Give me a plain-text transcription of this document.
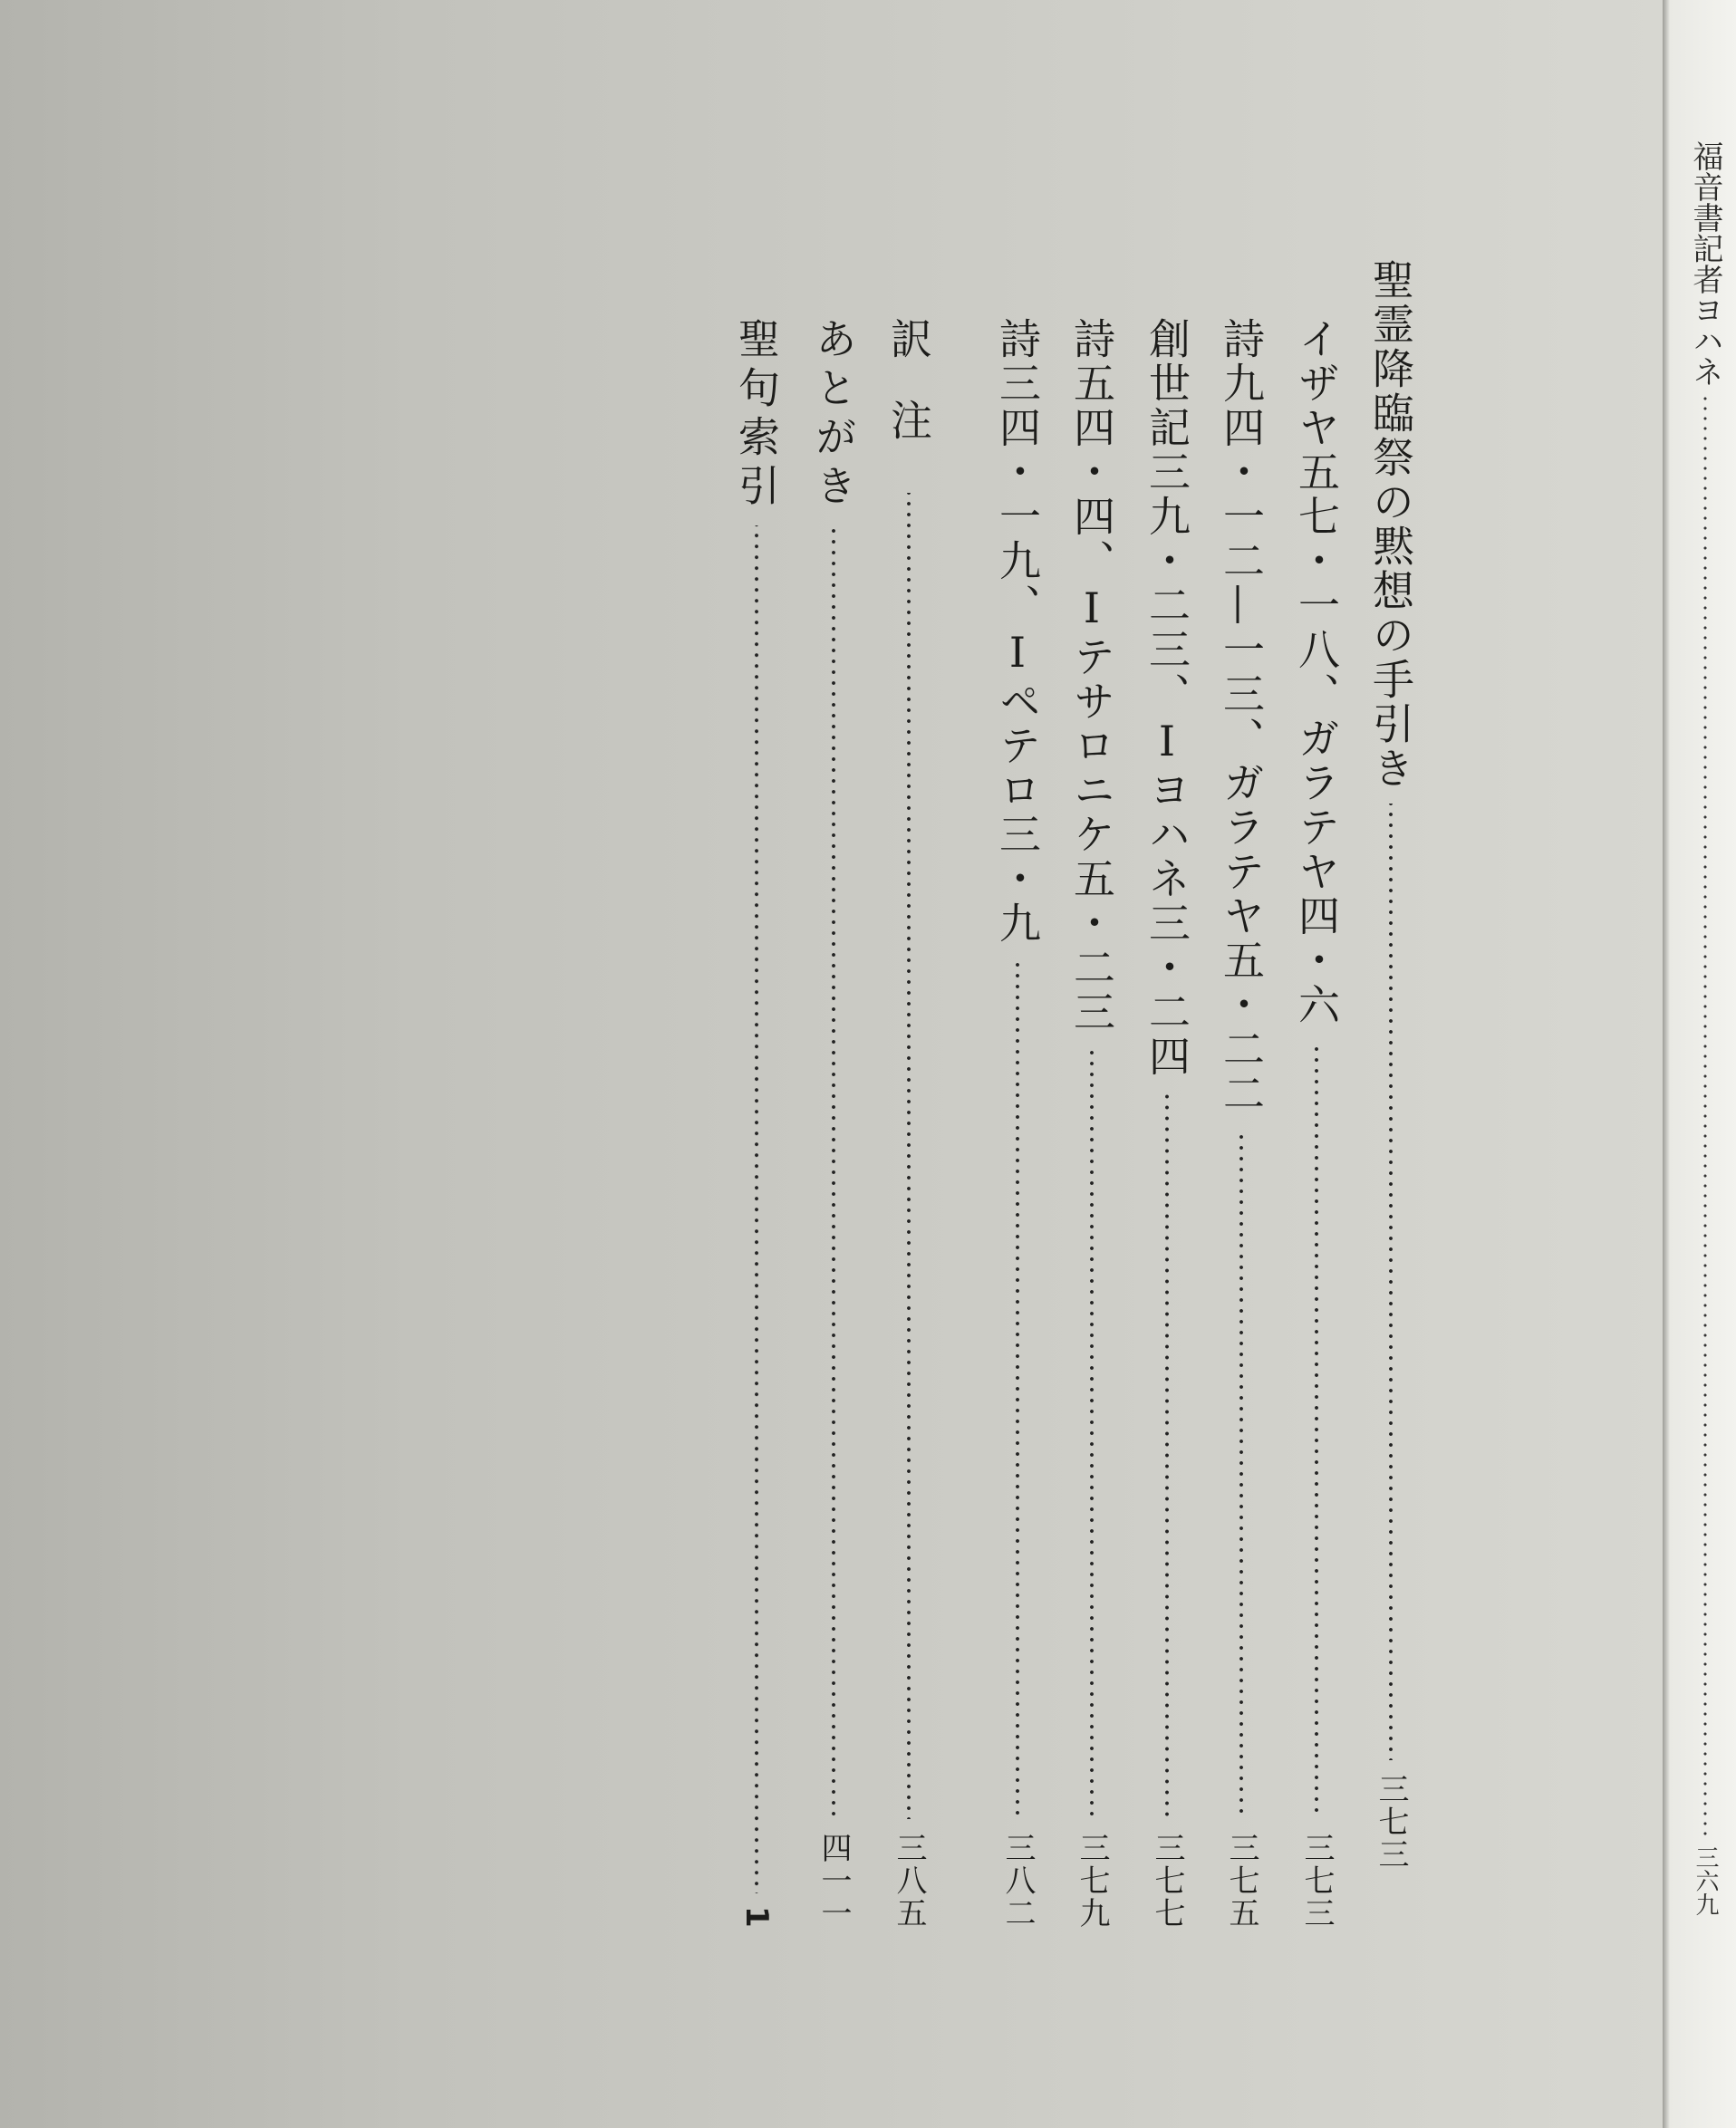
聖霊降臨祭の黙想の手引き
三七三
イザヤ五七・一八、ガラテヤ四・六
三七三
詩九四・一二—一三、ガラテヤ五・二二
三七五
創世記三九・二三、Ⅰヨハネ三・二四
三七七
詩五四・四、Ⅰテサロニケ五・二三
三七九
詩三四・一九、Ⅰペテロ三・九
三八二
訳注
三八五
あとがき
四一一
聖句索引
1
福音書記者ヨハネ
三六九
